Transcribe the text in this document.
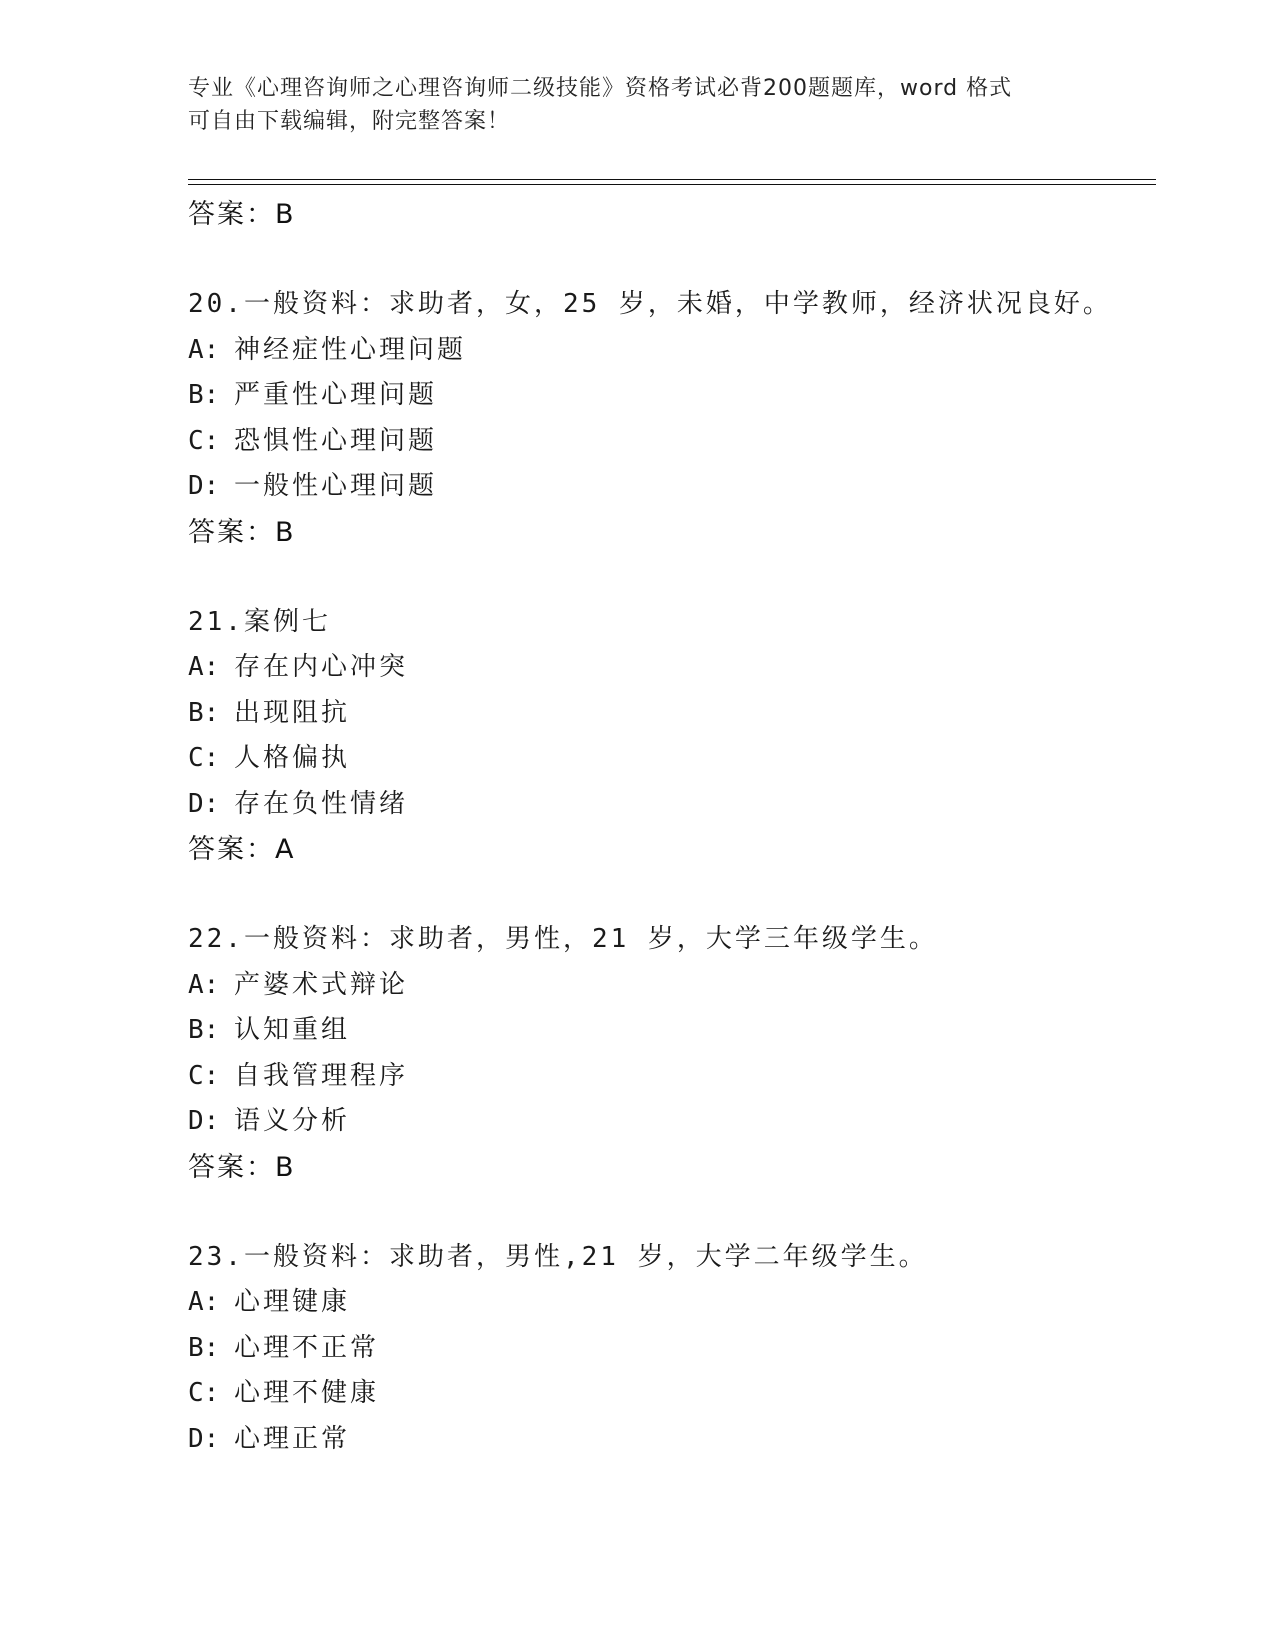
专业《心理咨询师之心理咨询师二级技能》资格考试必背200题题库，word 格式
可自由下载编辑，附完整答案！
答案：B
20.一般资料：求助者，女，25 岁，未婚，中学教师，经济状况良好。
A: 神经症性心理问题
B: 严重性心理问题
C: 恐惧性心理问题
D: 一般性心理问题
答案：B
21.案例七
A: 存在内心冲突
B: 出现阻抗
C: 人格偏执
D: 存在负性情绪
答案：A
22.一般资料：求助者，男性，21 岁，大学三年级学生。
A: 产婆术式辩论
B: 认知重组
C: 自我管理程序
D: 语义分析
答案：B
23.一般资料：求助者，男性,21 岁，大学二年级学生。
A: 心理键康
B: 心理不正常
C: 心理不健康
D: 心理正常
